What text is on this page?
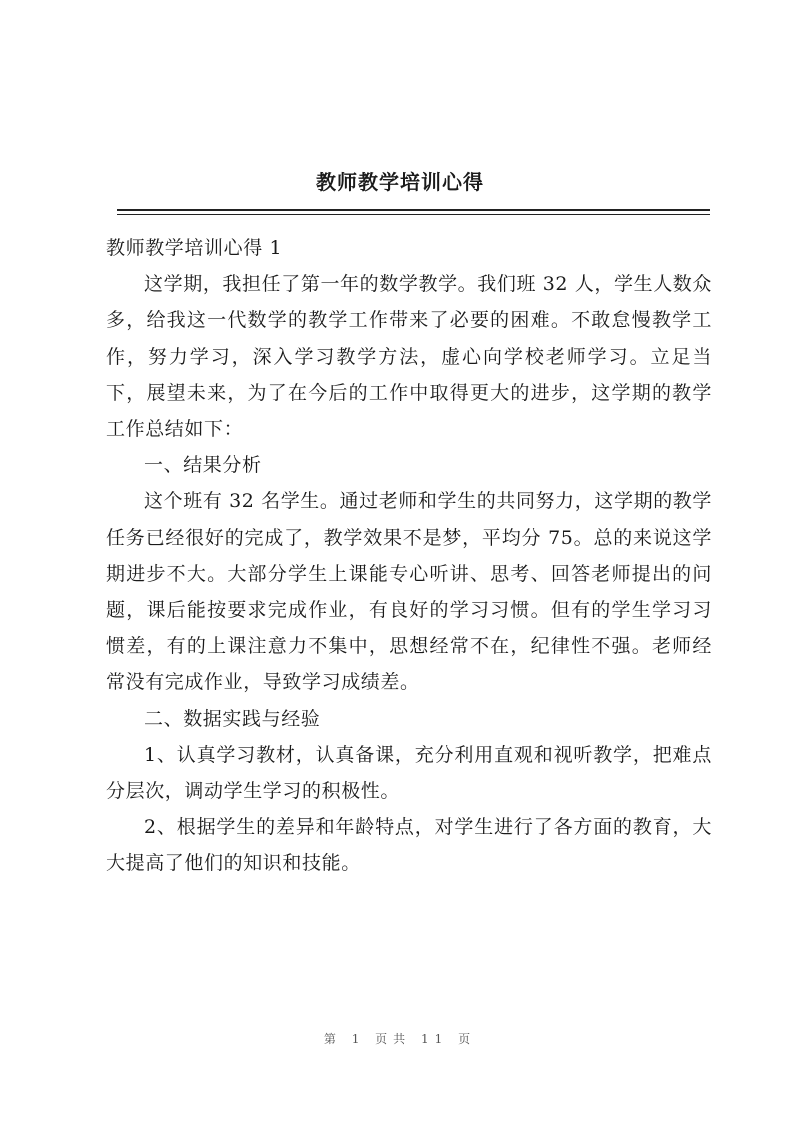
教师教学培训心得

教师教学培训心得 1

这学期，我担任了第一年的数学教学。我们班 32 人，学生人数众多，给我这一代数学的教学工作带来了必要的困难。不敢怠慢教学工作，努力学习，深入学习教学方法，虚心向学校老师学习。立足当下，展望未来，为了在今后的工作中取得更大的进步，这学期的教学工作总结如下：

一、结果分析

这个班有 32 名学生。通过老师和学生的共同努力，这学期的教学任务已经很好的完成了，教学效果不是梦，平均分 75。总的来说这学期进步不大。大部分学生上课能专心听讲、思考、回答老师提出的问题，课后能按要求完成作业，有良好的学习习惯。但有的学生学习习惯差，有的上课注意力不集中，思想经常不在，纪律性不强。老师经常没有完成作业，导致学习成绩差。

二、数据实践与经验

1、认真学习教材，认真备课，充分利用直观和视听教学，把难点分层次，调动学生学习的积极性。

2、根据学生的差异和年龄特点，对学生进行了各方面的教育，大大提高了他们的知识和技能。

第 1 页共 11 页
